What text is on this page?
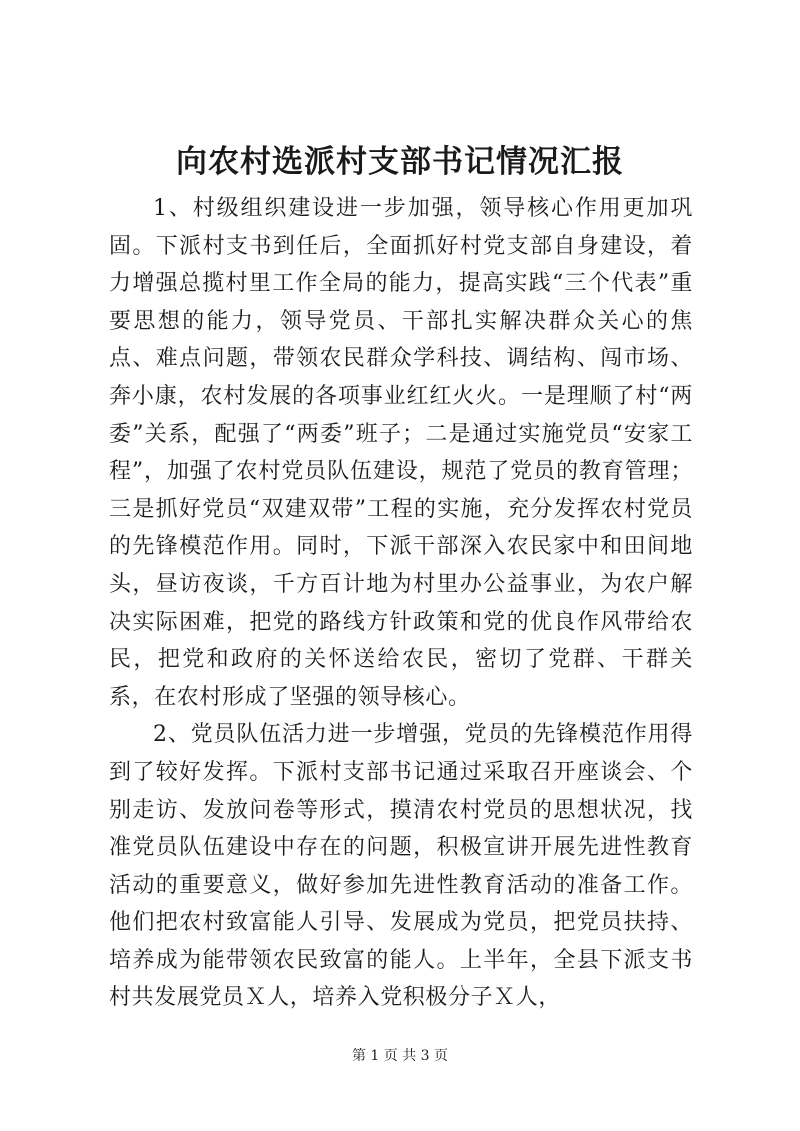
向农村选派村支部书记情况汇报

1、村级组织建设进一步加强，领导核心作用更加巩固。下派村支书到任后，全面抓好村党支部自身建设，着力增强总揽村里工作全局的能力，提高实践“三个代表”重要思想的能力，领导党员、干部扎实解决群众关心的焦点、难点问题，带领农民群众学科技、调结构、闯市场、奔小康，农村发展的各项事业红红火火。一是理顺了村“两委”关系，配强了“两委”班子；二是通过实施党员“安家工程”，加强了农村党员队伍建设，规范了党员的教育管理；三是抓好党员“双建双带”工程的实施，充分发挥农村党员的先锋模范作用。同时，下派干部深入农民家中和田间地头，昼访夜谈，千方百计地为村里办公益事业，为农户解决实际困难，把党的路线方针政策和党的优良作风带给农民，把党和政府的关怀送给农民，密切了党群、干群关系，在农村形成了坚强的领导核心。

2、党员队伍活力进一步增强，党员的先锋模范作用得到了较好发挥。下派村支部书记通过采取召开座谈会、个别走访、发放问卷等形式，摸清农村党员的思想状况，找准党员队伍建设中存在的问题，积极宣讲开展先进性教育活动的重要意义，做好参加先进性教育活动的准备工作。他们把农村致富能人引导、发展成为党员，把党员扶持、培养成为能带领农民致富的能人。上半年，全县下派支书村共发展党员Ｘ人，培养入党积极分子Ｘ人，

第 1 页 共 3 页
